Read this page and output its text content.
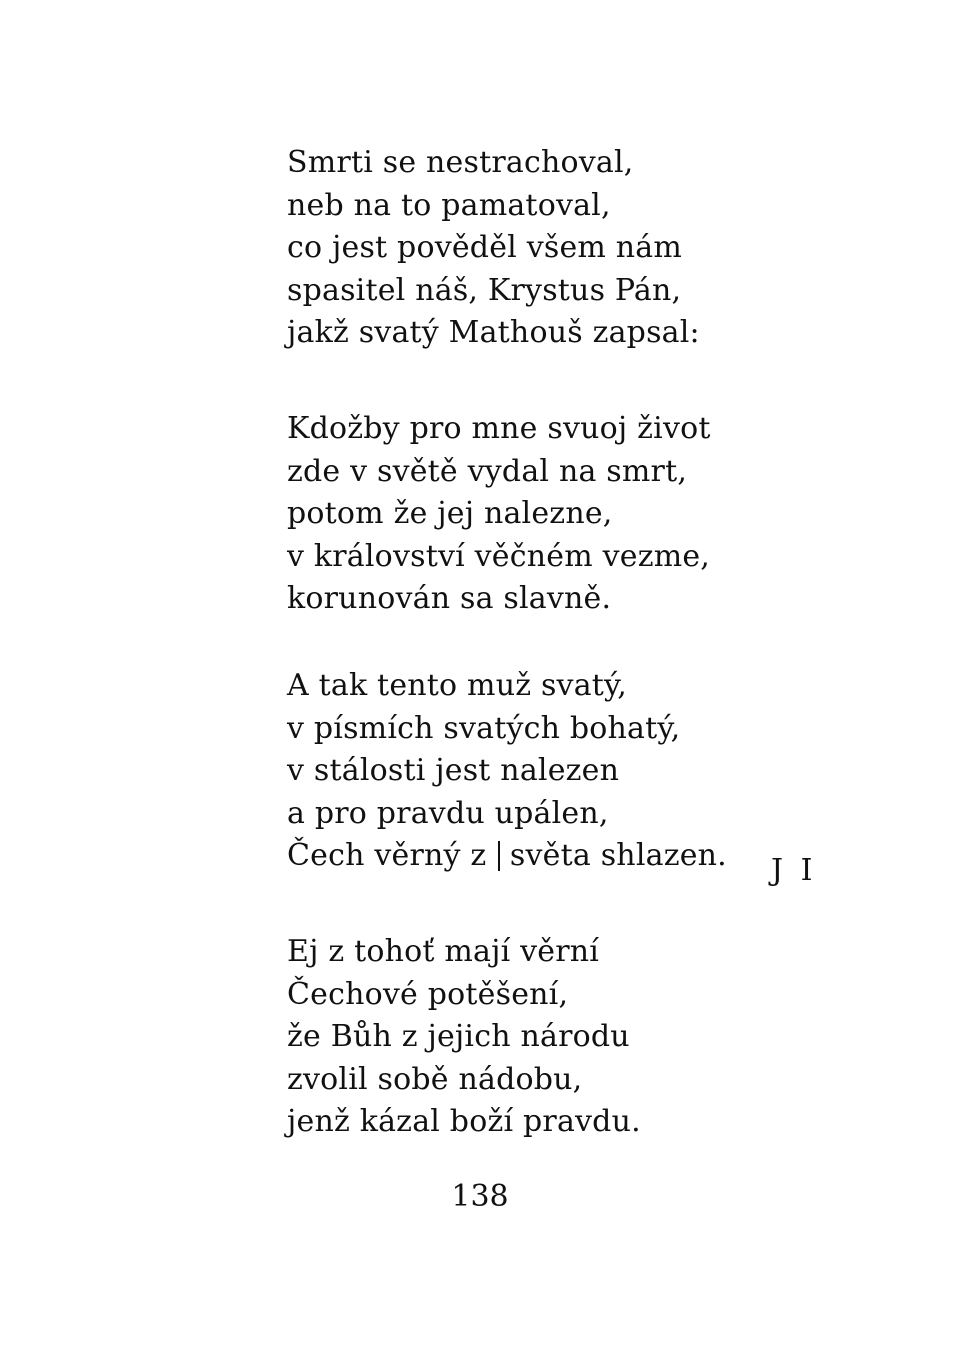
Smrti se nestrachoval,
neb na to pamatoval,
co jest pověděl všem nám
spasitel náš, Krystus Pán,
jakž svatý Mathouš zapsal:
Kdožby pro mne svuoj život
zde v světě vydal na smrt,
potom že jej nalezne,
v království věčném vezme,
korunován sa slavně.
A tak tento muž svatý,
v písmích svatých bohatý,
v stálosti jest nalezen
a pro pravdu upálen,
Čech věrný z světa shlazen.	J I
Ej z tohoť mají věrní
Čechové potěšení,
že Bůh z jejich národu
zvolil sobě nádobu,
jenž kázal boží pravdu.
138
